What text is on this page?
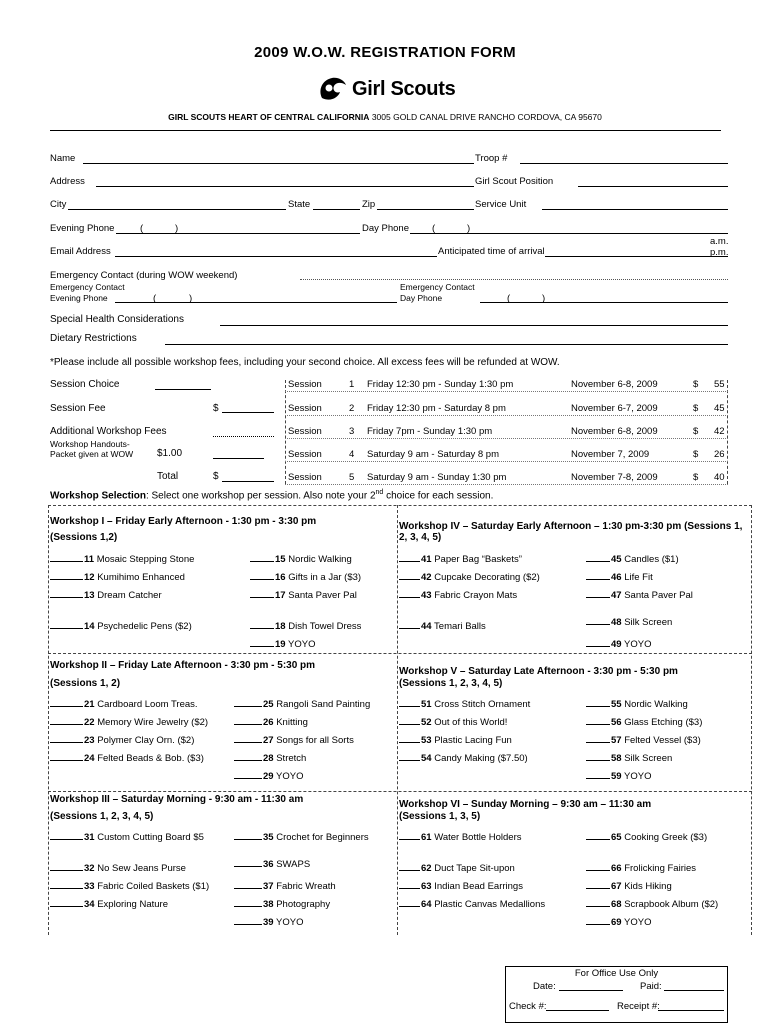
2009 W.O.W. REGISTRATION FORM
Girl Scouts
GIRL SCOUTS HEART OF CENTRAL CALIFORNIA 3005 GOLD CANAL DRIVE RANCHO CORDOVA, CA 95670
Name	Troop #
Address	Girl Scout Position
City	State	Zip	Service Unit
Evening Phone	(	)	Day Phone (	)
Email Address	Anticipated time of arrival
a.m.
p.m.
Emergency Contact (during WOW weekend)
Emergency Contact
Evening Phone	(	)
Emergency Contact
Day Phone	(	)
Special Health Considerations
Dietary Restrictions
*Please include all possible workshop fees, including your second choice. All excess fees will be refunded at WOW.
Session Choice
Session Fee	$
Additional Workshop Fees
Workshop Handouts-
Packet given at WOW $1.00
Total	$
Session	1 Friday 12:30 pm - Sunday 1:30 pm	November 6-8, 2009	$ 55
Session	2 Friday 12:30 pm - Saturday 8 pm	November 6-7, 2009	$ 45
Session	3 Friday 7pm - Sunday 1:30 pm	November 6-8, 2009	$ 42
Session	4 Saturday 9 am - Saturday 8 pm	November 7, 2009	$ 26
Session	5 Saturday 9 am - Sunday 1:30 pm	November 7-8, 2009	$ 40
Workshop Selection: Select one workshop per session. Also note your 2nd choice for each session.
Workshop I – Friday Early Afternoon - 1:30 pm - 3:30 pm
(Sessions 1,2)
Workshop IV – Saturday Early Afternoon – 1:30 pm-3:30 pm (Sessions 1,
2, 3, 4, 5)
Workshop II – Friday Late Afternoon - 3:30 pm - 5:30 pm
(Sessions 1, 2)
Workshop V – Saturday Late Afternoon - 3:30 pm - 5:30 pm
(Sessions 1, 2, 3, 4, 5)
Workshop III – Saturday Morning - 9:30 am - 11:30 am
(Sessions 1, 2, 3, 4, 5)
Workshop VI – Sunday Morning – 9:30 am – 11:30 am
(Sessions 1, 3, 5)
11 Mosaic Stepping Stone	15 Nordic Walking	41 Paper Bag “Baskets”	45 Candles ($1)
12 Kumihimo Enhanced	16 Gifts in a Jar ($3)	42 Cupcake Decorating ($2)	46 Life Fit
13 Dream Catcher	17 Santa Paver Pal	43 Fabric Crayon Mats	47 Santa Paver Pal
14 Psychedelic Pens ($2)	18 Dish Towel Dress	44 Temari Balls	48 Silk Screen
19 YOYO	49 YOYO
21 Cardboard Loom Treas.	25 Rangoli Sand Painting	51 Cross Stitch Ornament	55 Nordic Walking
22 Memory Wire Jewelry ($2)	26 Knitting	52 Out of this World!	56 Glass Etching ($3)
23 Polymer Clay Orn. ($2)	27 Songs for all Sorts	53 Plastic Lacing Fun	57 Felted Vessel ($3)
24 Felted Beads & Bob. ($3)	28 Stretch	54 Candy Making ($7.50)	58 Silk Screen
29 YOYO	59 YOYO
31 Custom Cutting Board $5	35 Crochet for Beginners	61 Water Bottle Holders	65 Cooking Greek ($3)
32 No Sew Jeans Purse	36 SWAPS	62 Duct Tape Sit-upon	66 Frolicking Fairies
33 Fabric Coiled Baskets ($1)	37 Fabric Wreath	63 Indian Bead Earrings	67 Kids Hiking
34 Exploring Nature	38 Photography	64 Plastic Canvas Medallions	68 Scrapbook Album ($2)
39 YOYO	69 YOYO
For Office Use Only
Date:	Paid:
Check #:	Receipt #:
